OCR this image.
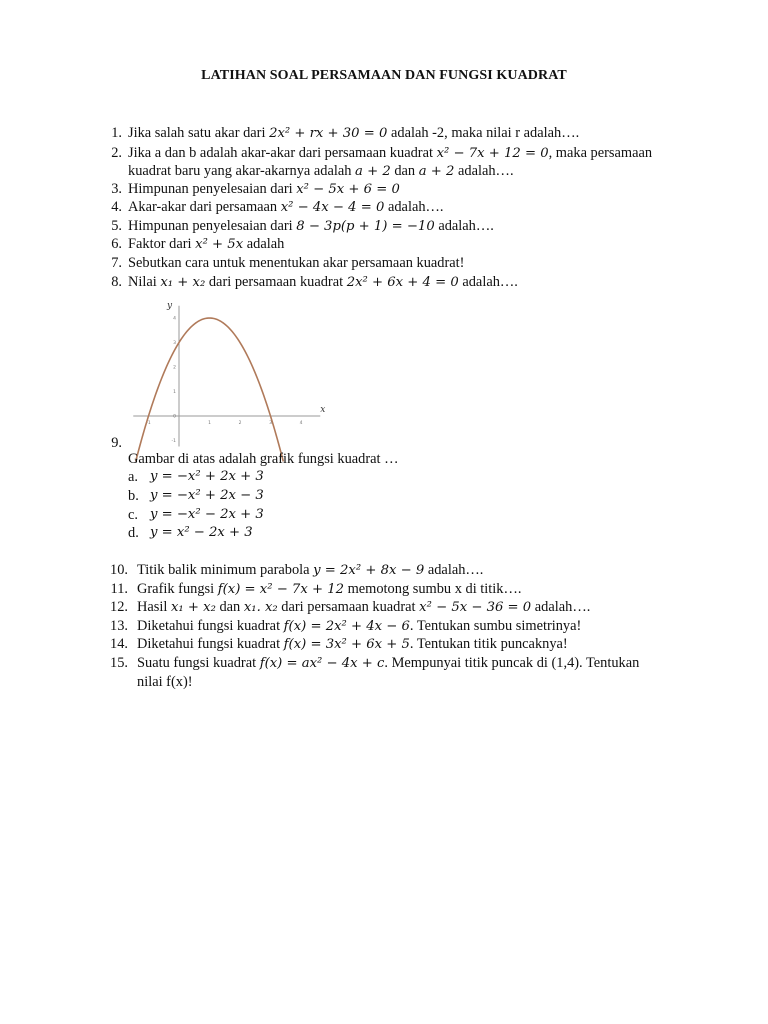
LATIHAN SOAL PERSAMAAN DAN FUNGSI KUADRAT
1. Jika salah satu akar dari 2x² + rx + 30 = 0 adalah -2, maka nilai r adalah….
2. Jika a dan b adalah akar-akar dari persamaan kuadrat x² − 7x + 12 = 0, maka persamaan
kuadrat baru yang akar-akarnya adalah a + 2 dan a + 2 adalah….
3. Himpunan penyelesaian dari x² − 5x + 6 = 0
4. Akar-akar dari persamaan x² − 4x − 4 = 0 adalah….
5. Himpunan penyelesaian dari 8 − 3p(p + 1) = −10 adalah….
6. Faktor dari x² + 5x adalah
7. Sebutkan cara untuk menentukan akar persamaan kuadrat!
8. Nilai x₁ + x₂ dari persamaan kuadrat 2x² + 6x + 4 = 0 adalah….
-1	1	2	3	4
-1
0
1
2
3
4
x
y
9.
Gambar di atas adalah grafik fungsi kuadrat …
a. y = −x² + 2x + 3
b. y = −x² + 2x − 3
c. y = −x² − 2x + 3
d. y = x² − 2x + 3
10. Titik balik minimum parabola y = 2x² + 8x − 9 adalah….
11. Grafik fungsi f(x) = x² − 7x + 12 memotong sumbu x di titik….
12. Hasil x₁ + x₂ dan x₁. x₂ dari persamaan kuadrat x² − 5x − 36 = 0 adalah….
13. Diketahui fungsi kuadrat f(x) = 2x² + 4x − 6. Tentukan sumbu simetrinya!
14. Diketahui fungsi kuadrat f(x) = 3x² + 6x + 5. Tentukan titik puncaknya!
15. Suatu fungsi kuadrat f(x) = ax² − 4x + c. Mempunyai titik puncak di (1,4). Tentukan
nilai f(x)!
